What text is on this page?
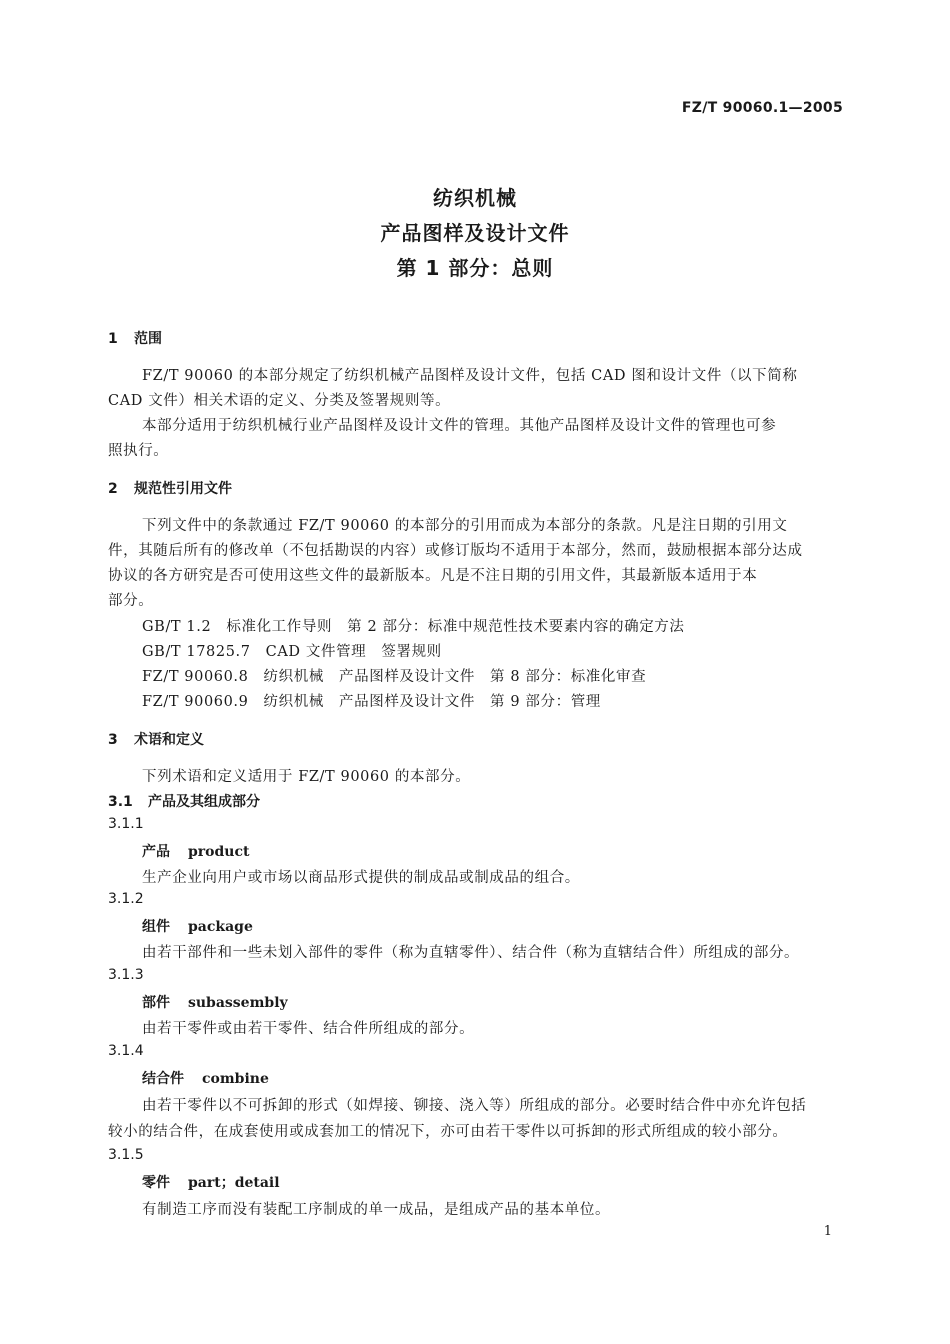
FZ/T 90060.1—2005
纺织机械
产品图样及设计文件
第 1 部分：总则
1 范围
FZ/T 90060 的本部分规定了纺织机械产品图样及设计文件，包括 CAD 图和设计文件（以下简称
CAD 文件）相关术语的定义、分类及签署规则等。
本部分适用于纺织机械行业产品图样及设计文件的管理。其他产品图样及设计文件的管理也可参
照执行。
2 规范性引用文件
下列文件中的条款通过 FZ/T 90060 的本部分的引用而成为本部分的条款。凡是注日期的引用文
件，其随后所有的修改单（不包括勘误的内容）或修订版均不适用于本部分，然而，鼓励根据本部分达成
协议的各方研究是否可使用这些文件的最新版本。凡是不注日期的引用文件，其最新版本适用于本
部分。
GB/T 1.2　标准化工作导则　第 2 部分：标准中规范性技术要素内容的确定方法
GB/T 17825.7　CAD 文件管理　签署规则
FZ/T 90060.8　纺织机械　产品图样及设计文件　第 8 部分：标准化审查
FZ/T 90060.9　纺织机械　产品图样及设计文件　第 9 部分：管理
3 术语和定义
下列术语和定义适用于 FZ/T 90060 的本部分。
3.1 产品及其组成部分
3.1.1
产品 product
生产企业向用户或市场以商品形式提供的制成品或制成品的组合。
3.1.2
组件 package
由若干部件和一些未划入部件的零件（称为直辖零件）、结合件（称为直辖结合件）所组成的部分。
3.1.3
部件 subassembly
由若干零件或由若干零件、结合件所组成的部分。
3.1.4
结合件 combine
由若干零件以不可拆卸的形式（如焊接、铆接、浇入等）所组成的部分。必要时结合件中亦允许包括
较小的结合件，在成套使用或成套加工的情况下，亦可由若干零件以可拆卸的形式所组成的较小部分。
3.1.5
零件 part；detail
有制造工序而没有装配工序制成的单一成品，是组成产品的基本单位。
1
